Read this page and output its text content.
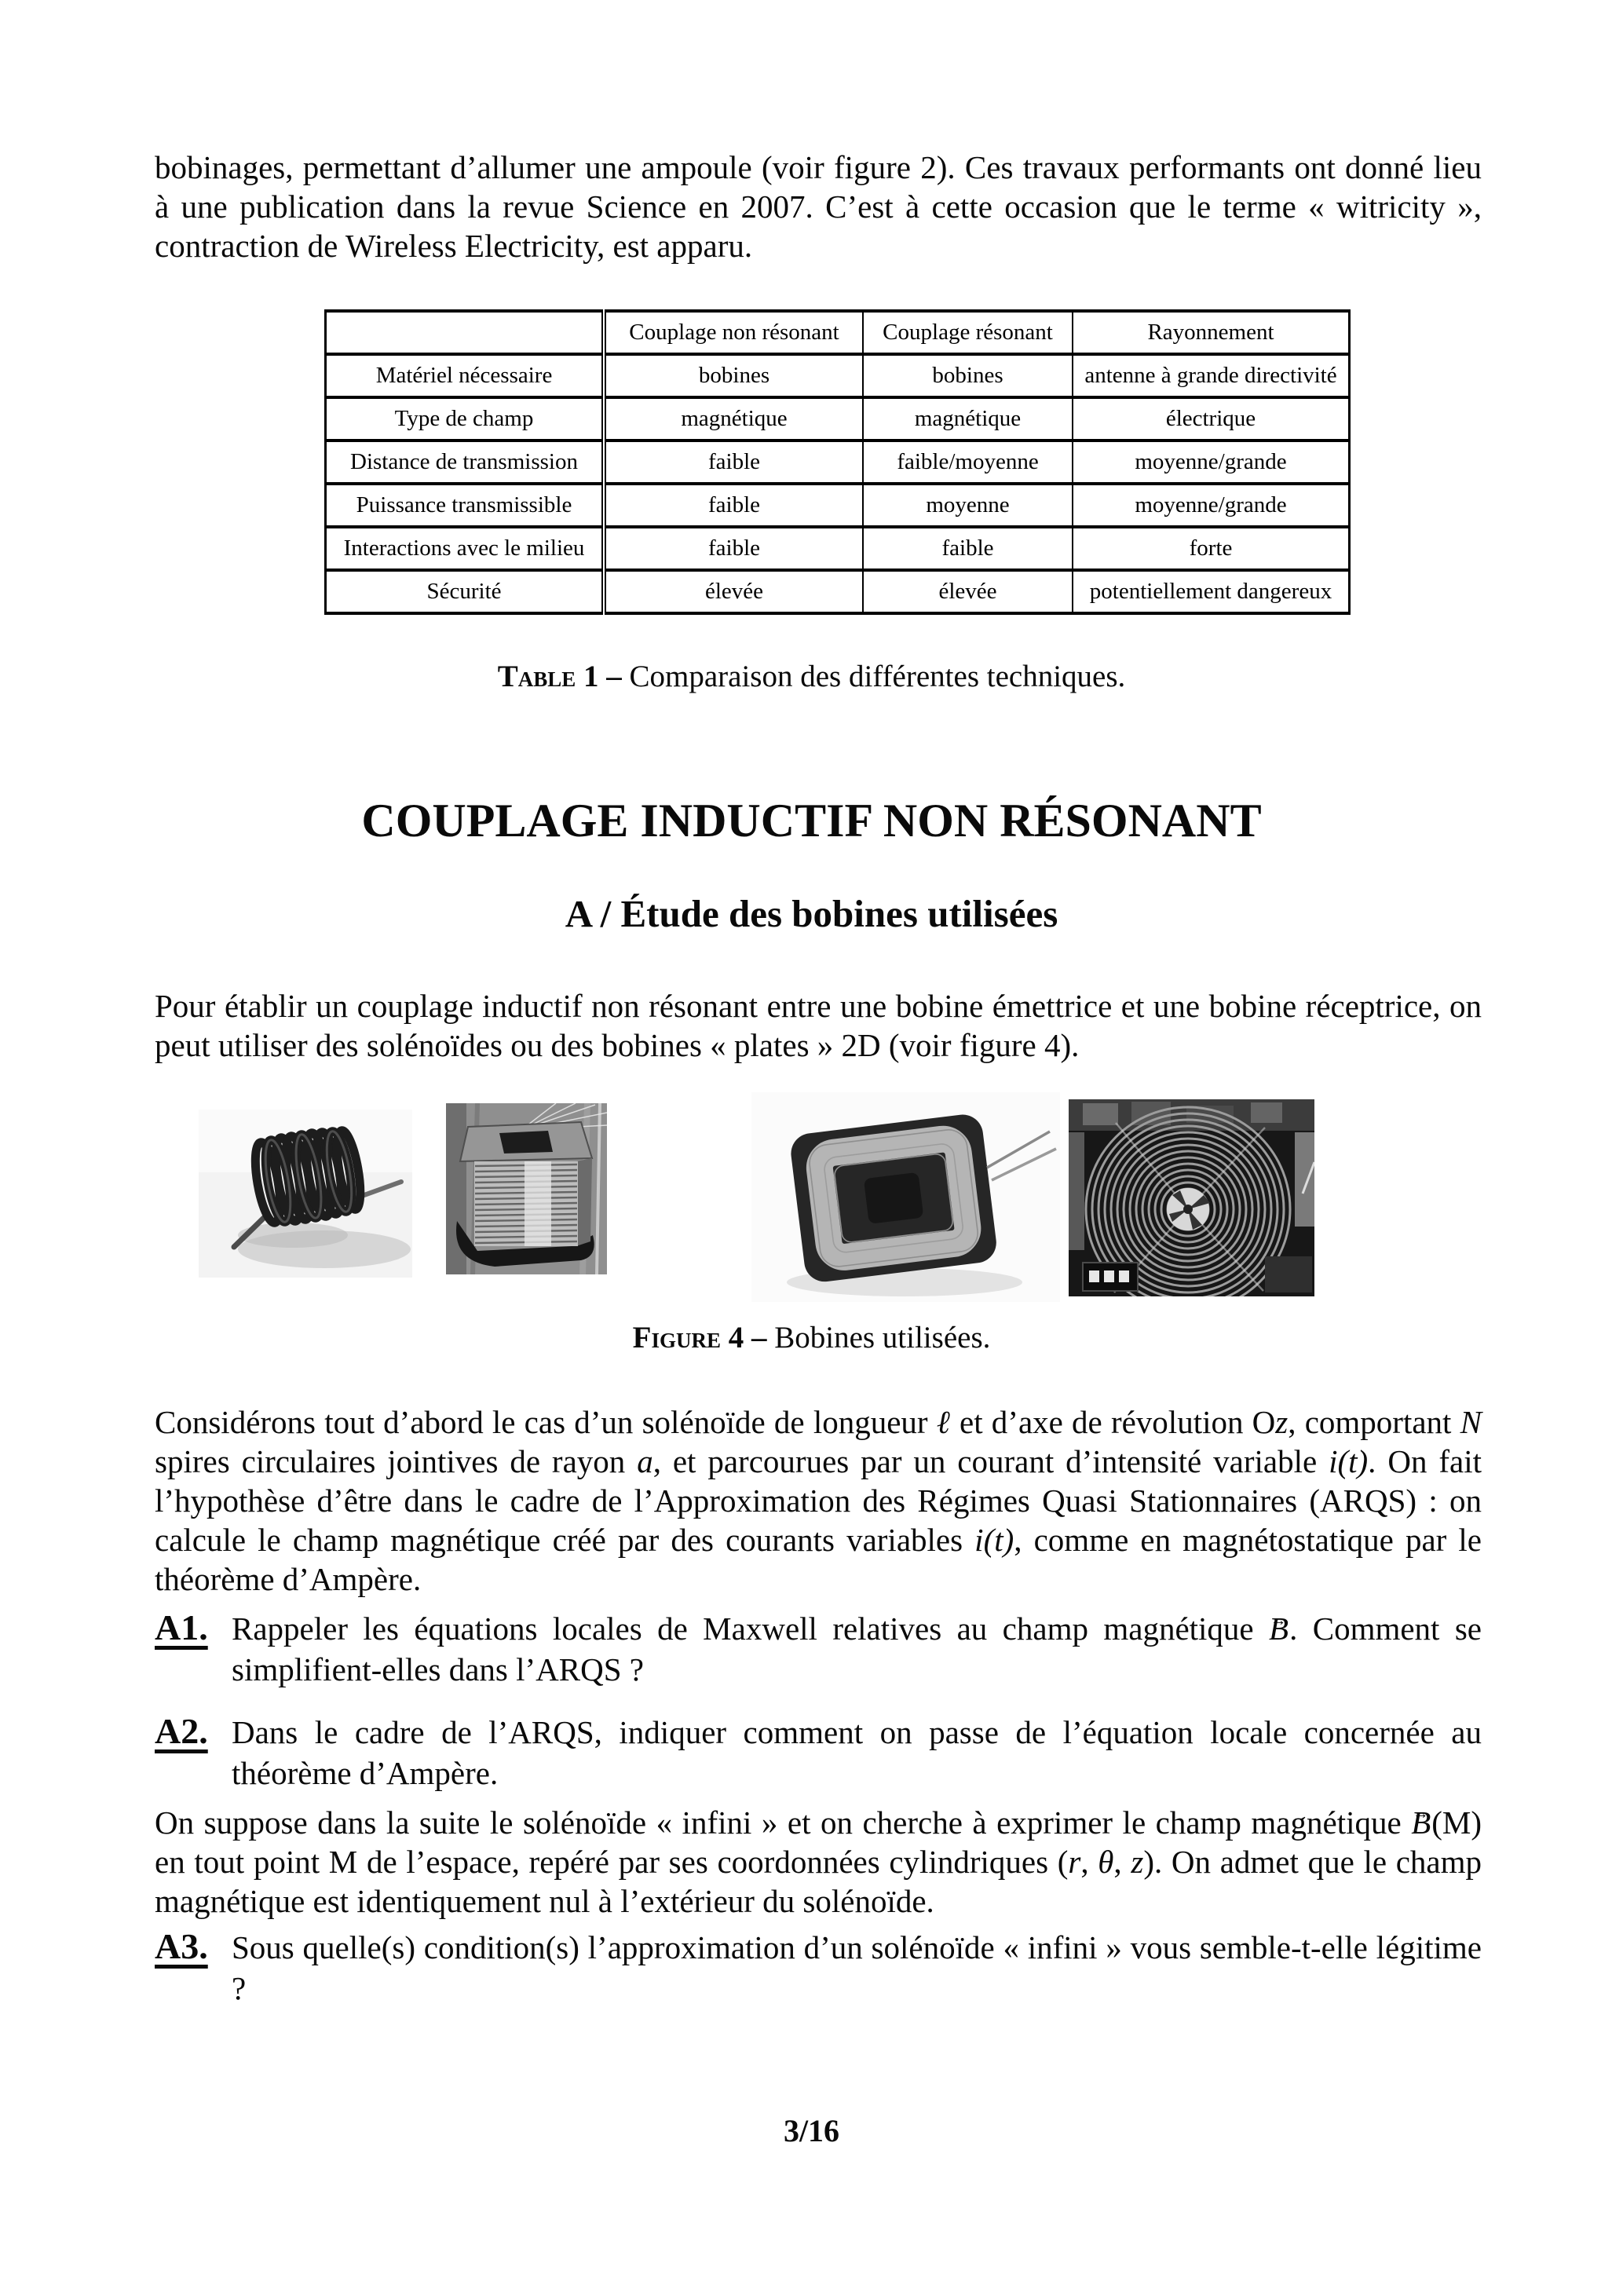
bobinages, permettant d’allumer une ampoule (voir figure 2). Ces travaux performants ont donné lieu à une publication dans la revue Science en 2007. C’est à cette occasion que le terme « witricity », contraction de Wireless Electricity, est apparu.
	Couplage non résonant	Couplage résonant	Rayonnement
Matériel nécessaire	bobines	bobines	antenne à grande directivité
Type de champ	magnétique	magnétique	électrique
Distance de transmission	faible	faible/moyenne	moyenne/grande
Puissance transmissible	faible	moyenne	moyenne/grande
Interactions avec le milieu	faible	faible	forte
Sécurité	élevée	élevée	potentiellement dangereux
Table 1 – Comparaison des différentes techniques.
COUPLAGE INDUCTIF NON RÉSONANT
A / Étude des bobines utilisées
Pour établir un couplage inductif non résonant entre une bobine émettrice et une bobine réceptrice, on peut utiliser des solénoïdes ou des bobines « plates » 2D (voir figure 4).
Figure 4 – Bobines utilisées.
Considérons tout d’abord le cas d’un solénoïde de longueur ℓ et d’axe de révolution Oz, comportant N spires circulaires jointives de rayon a, et parcourues par un courant d’intensité variable i(t). On fait l’hypothèse d’être dans le cadre de l’Approximation des Régimes Quasi Stationnaires (ARQS) : on calcule le champ magnétique créé par des courants variables i(t), comme en magnétostatique par le théorème d’Ampère.
A1. Rappeler les équations locales de Maxwell relatives au champ magnétique B →. Comment se simplifient-elles dans l’ARQS ?
A2. Dans le cadre de l’ARQS, indiquer comment on passe de l’équation locale concernée au théorème d’Ampère.
On suppose dans la suite le solénoïde « infini » et on cherche à exprimer le champ magnétique B →(M) en tout point M de l’espace, repéré par ses coordonnées cylindriques (r, θ, z). On admet que le champ magnétique est identiquement nul à l’extérieur du solénoïde.
A3. Sous quelle(s) condition(s) l’approximation d’un solénoïde « infini » vous semble-t-elle légitime ?
3/16
